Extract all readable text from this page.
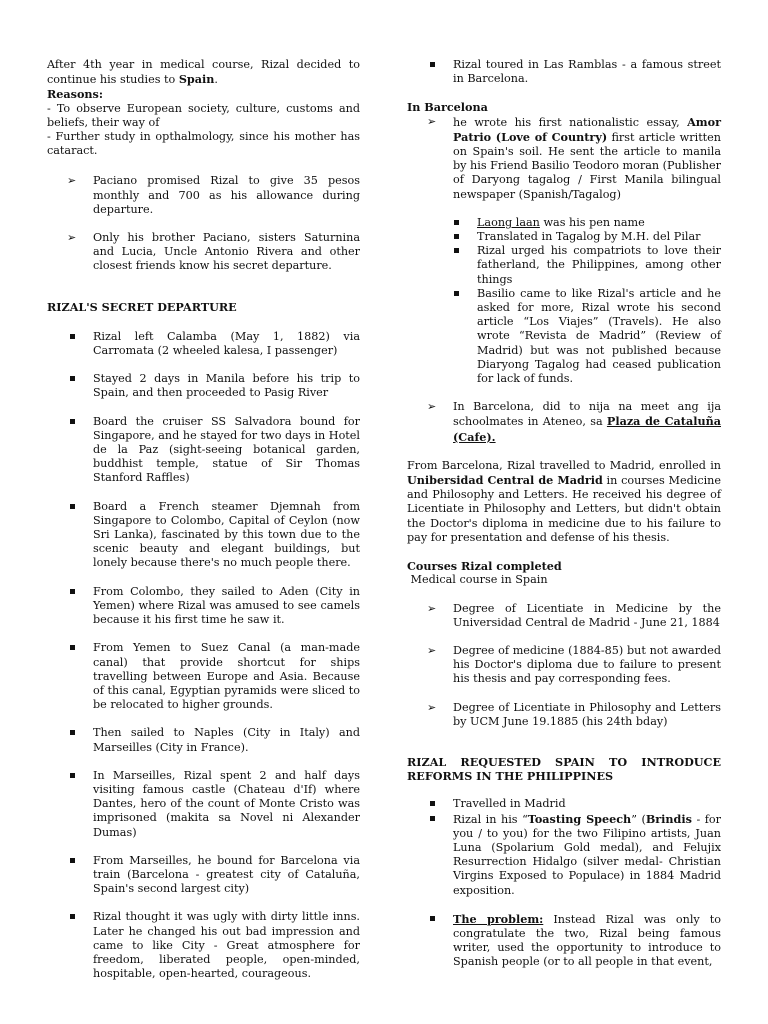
After 4th year in medical course, Rizal decided to continue his studies to Spain.

Reasons:

- To observe European society, culture, customs and beliefs, their way of

- Further study in opthalmology, since his mother has cataract.

➢ Paciano promised Rizal to give 35 pesos monthly and 700 as his allowance during departure.
➢ Only his brother Paciano, sisters Saturnina and Lucia, Uncle Antonio Rivera and other closest friends know his secret departure.

RIZAL'S SECRET DEPARTURE

Rizal left Calamba (May 1, 1882) via Carromata (2 wheeled kalesa, I passenger)
Stayed 2 days in Manila before his trip to Spain, and then proceeded to Pasig River
Board the cruiser SS Salvadora bound for Singapore, and he stayed for two days in Hotel de la Paz (sight-seeing botanical garden, buddhist temple, statue of Sir Thomas Stanford Raffles)
Board a French steamer Djemnah from Singapore to Colombo, Capital of Ceylon (now Sri Lanka), fascinated by this town due to the scenic beauty and elegant buildings, but lonely because there's no much people there.
From Colombo, they sailed to Aden (City in Yemen) where Rizal was amused to see camels because it his first time he saw it.
From Yemen to Suez Canal (a man-made canal) that provide shortcut for ships travelling between Europe and Asia. Because of this canal, Egyptian pyramids were sliced to be relocated to higher grounds.
Then sailed to Naples (City in Italy) and Marseilles (City in France).
In Marseilles, Rizal spent 2 and half days visiting famous castle (Chateau d'If) where Dantes, hero of the count of Monte Cristo was imprisoned (makita sa Novel ni Alexander Dumas)
From Marseilles, he bound for Barcelona via train (Barcelona - greatest city of Cataluña, Spain's second largest city)
Rizal thought it was ugly with dirty little inns. Later he changed his out bad impression and came to like City - Great atmosphere for freedom, liberated people, open-minded, hospitable, open-hearted, courageous.
Rizal toured in Las Ramblas - a famous street in Barcelona.

In Barcelona

➢ he wrote his first nationalistic essay, Amor Patrio (Love of Country) first article written on Spain's soil. He sent the article to manila by his Friend Basilio Teodoro moran (Publisher of Daryong tagalog / First Manila bilingual newspaper (Spanish/Tagalog)
Laong laan was his pen name
Translated in Tagalog by M.H. del Pilar
Rizal urged his compatriots to love their fatherland, the Philippines, among other things
Basilio came to like Rizal's article and he asked for more, Rizal wrote his second article “Los Viajes” (Travels). He also wrote “Revista de Madrid” (Review of Madrid) but was not published because Diaryong Tagalog had ceased publication for lack of funds.
➢ In Barcelona, did to nija na meet ang ija schoolmates in Ateneo, sa Plaza de Cataluña (Cafe).

From Barcelona, Rizal travelled to Madrid, enrolled in Unibersidad Central de Madrid in courses Medicine and Philosophy and Letters. He received his degree of Licentiate in Philosophy and Letters, but didn't obtain the Doctor's diploma in medicine due to his failure to pay for presentation and defense of his thesis.

Courses Rizal completed

Medical course in Spain

➢ Degree of Licentiate in Medicine by the Universidad Central de Madrid - June 21, 1884
➢ Degree of medicine (1884-85) but not awarded his Doctor's diploma due to failure to present his thesis and pay corresponding fees.
➢ Degree of Licentiate in Philosophy and Letters by UCM June 19.1885 (his 24th bday)

RIZAL REQUESTED SPAIN TO INTRODUCE REFORMS IN THE PHILIPPINES

Travelled in Madrid
Rizal in his “Toasting Speech” (Brindis - for you / to you) for the two Filipino artists, Juan Luna (Spolarium Gold medal), and Felujix Resurrection Hidalgo (silver medal- Christian Virgins Exposed to Populace) in 1884 Madrid exposition.
The problem: Instead Rizal was only to congratulate the two, Rizal being famous writer, used the opportunity to introduce to Spanish people (or to all people in that event,
